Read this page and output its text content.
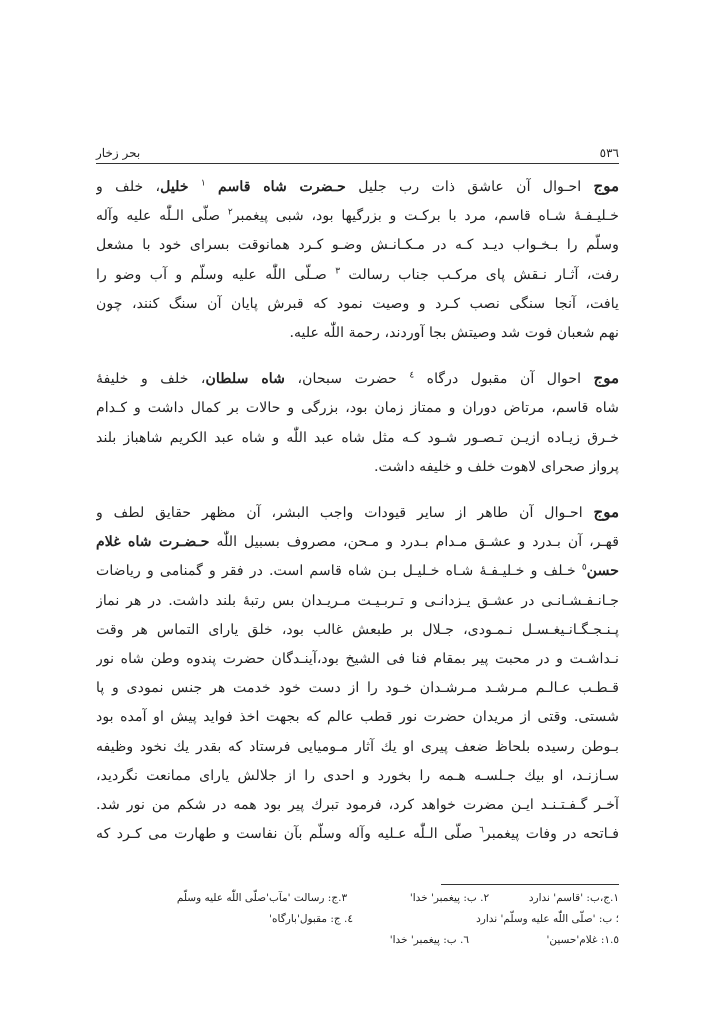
٥٣٦
بحر زخار

موج احـوال آن عاشق ذات رب جليل حـضرت شاه قاسم $^١$ خليل، خلف و
خـليـفـهٔ شـاه قاسم، مرد با بركـت و بزرگيها بود، شبی پيغمبر$^٢$ صلّی الـلّٰه عليه وآله
وسلّم را بـخـواب ديـد كـه در مـكـانـش وضـو كـرد همانوقت بسرای خود با مشعل
رفت، آثـار نـقش پای مركـب جناب رسالت $^٣$ صـلّی اللّٰه عليه وسلّم و آب وضو را
يافت، آنجا سنگی نصب كـرد و وصيت نمود كه قبرش پايان آن سنگ كنند، چون
نهم شعبان فوت شد وصيتش بجا آوردند، رحمة اللّٰه عليه.

موج احوال آن مقبول درگاه $^٤$ حضرت سبحان، شاه سلطان، خلف و خليفهٔ
شاه قاسم، مرتاض دوران و ممتاز زمان بود، بزرگی و حالات بر كمال داشت و كـدام
خـرق زيـاده ازيـن تـصـور شـود كـه مثل شاه عبد اللّٰه و شاه عبد الكريم شاهباز بلند
پرواز صحرای لاهوت خلف و خليفه داشت.

موج احـوال آن طاهر از ساير قيودات واجب البشر، آن مظهر حقايق لطف و
قهـر، آن بـدرد و عشـق مـدام بـدرد و مـحن، مصروف بسبيل اللّٰه حـضـرت شاه غلام
حسن$^٥$ خـلف و خـليـفـهٔ شـاه خـليـل بـن شاه قاسم است. در فقر و گمنامی و رياضات
جـانـفـشـانـی در عشـق يـزدانـی و تـربـيـت مـريـدان بس رتبهٔ بلند داشت. در هر نماز
پـنـجـگـانـيغـسـل نـمـودی، جـلال بر طبعش غالب بود، خلق يارای التماس هر وقت
نـداشـت و در محبت پير بمقام فنا فی الشيخ بود،آينـدگان حضرت پندوه وطن شاه نور
قـطـب عـالـم مـرشـد مـرشـدان خـود را از دست خود خدمت هر جنس نمودی و پا
شستی. وقتی از مريدان حضرت نور قطب عالم كه بجهت اخذ فوايد پيش او آمده بود
بـوطن رسيده بلحاظ ضعف پيری او يك آثار مـوميايی فرستاد كه بقدر يك نخود وظيفه
سـازنـد، او بيك جـلسـه هـمه را بخورد و احدی را از جلالش يارای ممانعت نگرديد،
آخـر گـفـتـنـد ايـن مضرت خواهد كرد، فرمود تبرك پير بود همه در شكم من نور شد.
فـاتحه در وفات پيغمبر$^٦$ صلّی الـلّٰه عـليه وآله وسلّم بآن نفاست و طهارت می كـرد كه

١.ج،ب: 'قاسم' ندارد
٢. ب: پيغمبر' خدا'
٣.ج: رسالت 'مآب'صلّی اللّٰه عليه وسلّم
؛ ب: 'صلّی اللّٰه عليه وسلّم' ندارد
٤. ج: مقبول'بارگاه'
١.٥: غلام'حسين'
٦. ب: پيغمبر' خدا'
